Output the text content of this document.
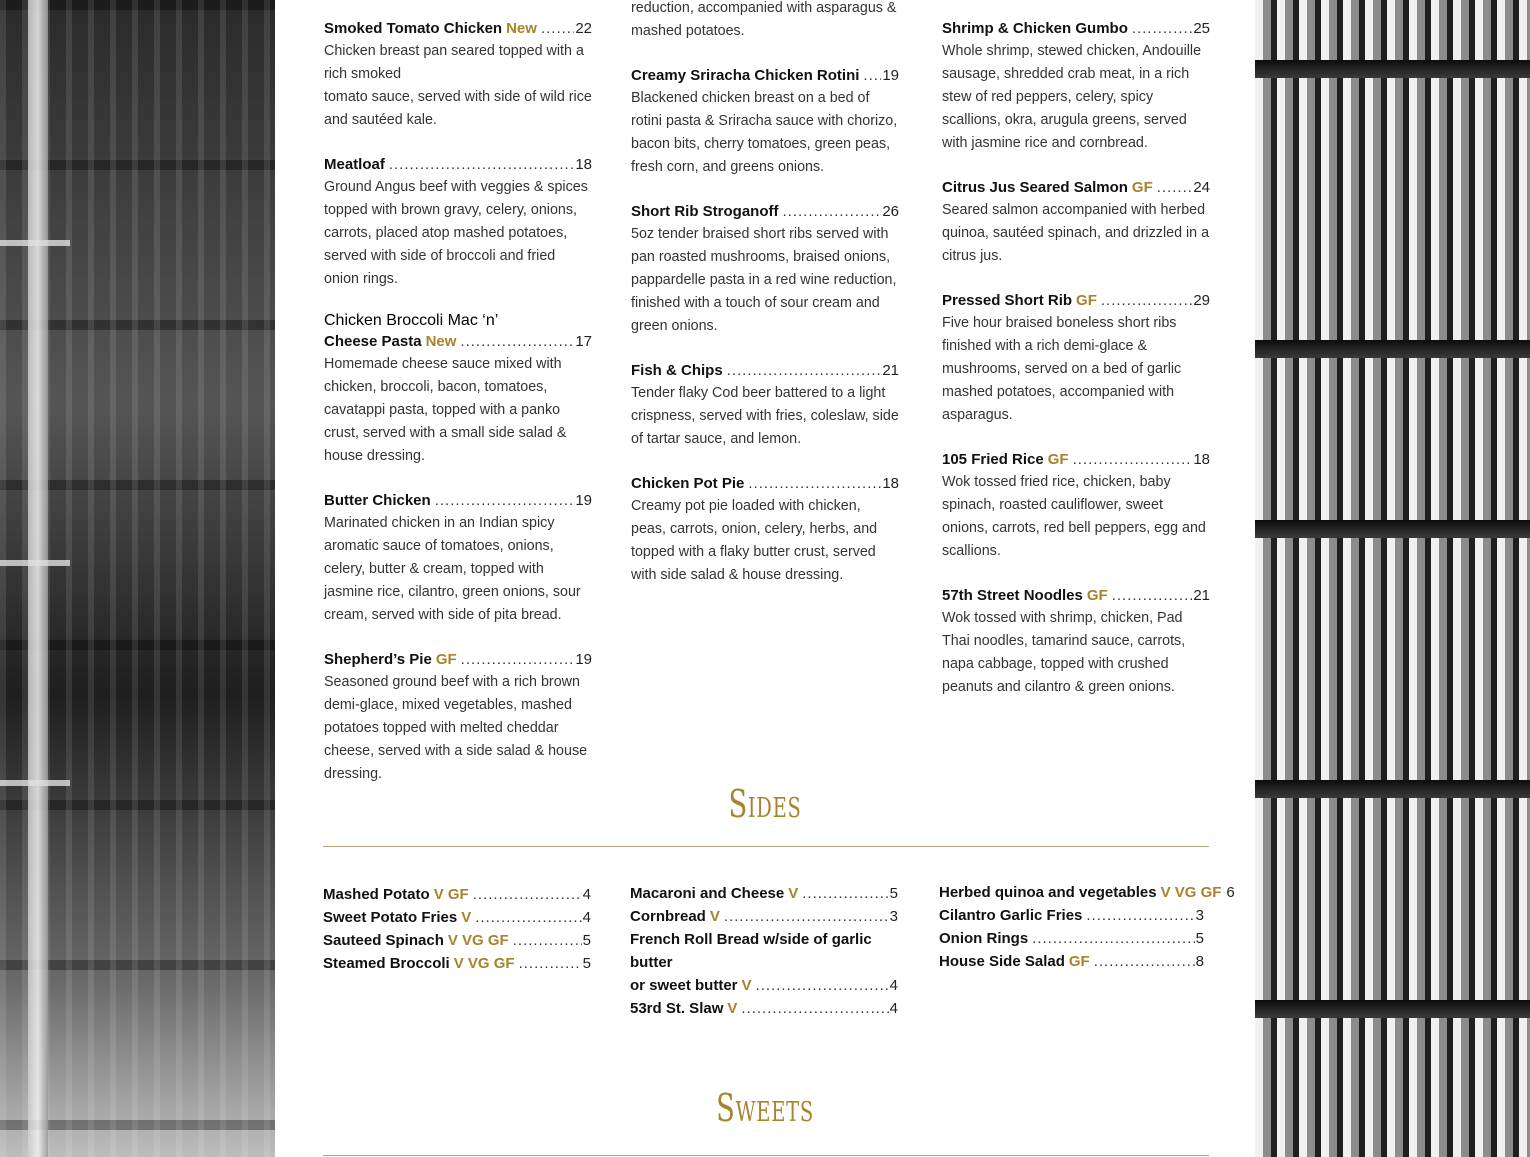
Smoked Tomato Chicken New .....	22
Chicken breast pan seared topped with a rich smoked
tomato sauce, served with side of wild rice and sautéed kale.
Meatloaf .....	18
Ground Angus beef with veggies & spices topped with brown gravy, celery, onions, carrots, placed atop mashed potatoes, served with side of broccoli and fried onion rings.
Chicken Broccoli Mac ‘n’
Cheese Pasta New .....	17
Homemade cheese sauce mixed with chicken, broccoli, bacon, tomatoes, cavatappi pasta, topped with a panko
crust, served with a small side salad & house dressing.
Butter Chicken .....	19
Marinated chicken in an Indian spicy aromatic sauce of tomatoes, onions, celery, butter & cream, topped with
jasmine rice, cilantro, green onions, sour cream, served with side of pita bread.
Shepherd’s Pie GF .....	19
Seasoned ground beef with a rich brown demi-glace, mixed vegetables, mashed potatoes topped with melted cheddar cheese, served with a side salad & house dressing.
reduction, accompanied with asparagus & mashed potatoes.
Creamy Sriracha Chicken Rotini ..... 19
Blackened chicken breast on a bed of rotini pasta & Sriracha sauce with chorizo, bacon bits, cherry tomatoes, green peas, fresh corn, and greens onions.
Short Rib Stroganoff .....	26
5oz tender braised short ribs served with pan roasted mushrooms, braised onions, pappardelle pasta in a red wine reduction, finished with a touch of sour cream and green onions.
Fish & Chips .....	21
Tender flaky Cod beer battered to a light crispness, served with fries, coleslaw, side of tartar sauce, and lemon.
Chicken Pot Pie .....	18
Creamy pot pie loaded with chicken, peas, carrots, onion, celery, herbs, and topped with a flaky butter crust, served with side salad & house dressing.
Shrimp & Chicken Gumbo .....	25
Whole shrimp, stewed chicken, Andouille sausage, shredded crab meat, in a rich stew of red peppers, celery, spicy scallions, okra, arugula greens, served with jasmine rice and cornbread.
Citrus Jus Seared Salmon GF .....	24
Seared salmon accompanied with herbed quinoa, sautéed spinach, and drizzled in a citrus jus.
Pressed Short Rib GF .....	29
Five hour braised boneless short ribs finished with a rich demi-glace & mushrooms, served on a bed of garlic mashed potatoes, accompanied with asparagus.
105 Fried Rice GF .....	18
Wok tossed fried rice, chicken, baby spinach, roasted cauliflower, sweet onions, carrots, red bell peppers, egg and scallions.
57th Street Noodles GF .....	21
Wok tossed with shrimp, chicken, Pad Thai noodles, tamarind sauce, carrots, napa cabbage, topped with crushed peanuts and cilantro & green onions.
Sides
Mashed Potato V GF .....	4
Sweet Potato Fries V .....	4
Sauteed Spinach V VG GF .....	5
Steamed Broccoli V VG GF .....	5
Macaroni and Cheese V .....	5
Cornbread V .....	3
French Roll Bread w/side of garlic butter
or sweet butter V .....	4
53rd St. Slaw V .....	4
Herbed quinoa and vegetables V VG GF 6
Cilantro Garlic Fries .....	3
Onion Rings .....	5
House Side Salad GF .....	8
Sweets
